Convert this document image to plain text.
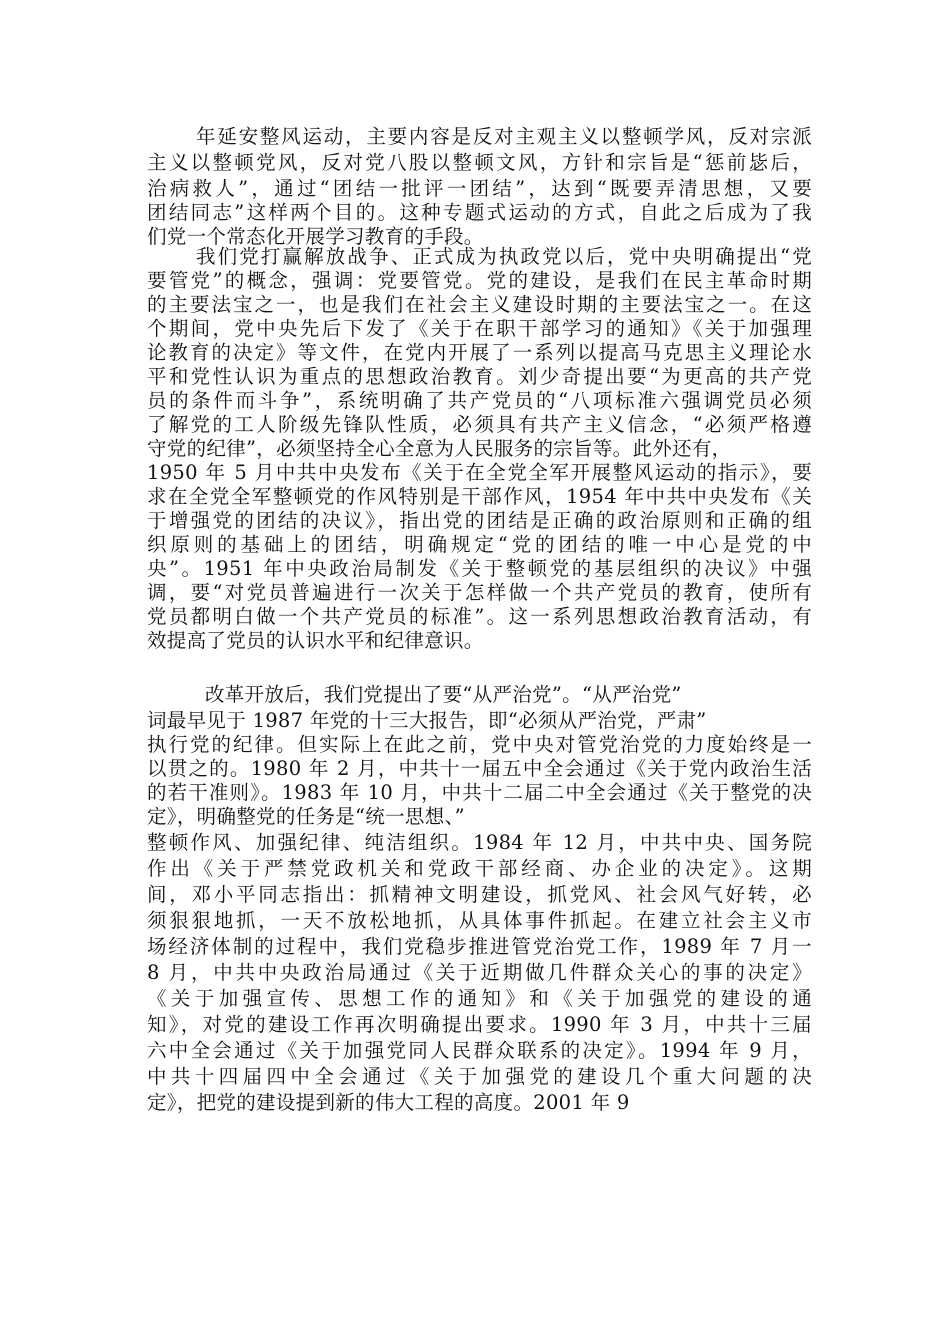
年延安整风运动，主要内容是反对主观主义以整顿学风，反对宗派
主义以整顿党风，反对党八股以整顿文风，方针和宗旨是“惩前毖后，
治病救人”，通过“团结一批评一团结”，达到“既要弄清思想，又要
团结同志”这样两个目的。这种专题式运动的方式，自此之后成为了我
们党一个常态化开展学习教育的手段。
我们党打赢解放战争、正式成为执政党以后，党中央明确提出“党
要管党”的概念，强调：党要管党。党的建设，是我们在民主革命时期
的主要法宝之一，也是我们在社会主义建设时期的主要法宝之一。在这
个期间，党中央先后下发了《关于在职干部学习的通知》《关于加强理
论教育的决定》等文件，在党内开展了一系列以提高马克思主义理论水
平和党性认识为重点的思想政治教育。刘少奇提出要“为更高的共产党
员的条件而斗争”，系统明确了共产党员的“八项标准六强调党员必须
了解党的工人阶级先锋队性质，必须具有共产主义信念，“必须严格遵
守党的纪律”，必须坚持全心全意为人民服务的宗旨等。此外还有，
1950 年 5 月中共中央发布《关于在全党全军开展整风运动的指示》，要
求在全党全军整顿党的作风特别是干部作风，1954 年中共中央发布《关
于增强党的团结的决议》，指出党的团结是正确的政治原则和正确的组
织原则的基础上的团结，明确规定“党的团结的唯一中心是党的中
央”。1951 年中央政治局制发《关于整顿党的基层组织的决议》中强
调，要“对党员普遍进行一次关于怎样做一个共产党员的教育，使所有
党员都明白做一个共产党员的标准”。这一系列思想政治教育活动，有
效提高了党员的认识水平和纪律意识。
改革开放后，我们党提出了要“从严治党”。“从严治党”
词最早见于 1987 年党的十三大报告，即“必须从严治党，严肃”
执行党的纪律。但实际上在此之前，党中央对管党治党的力度始终是一
以贯之的。1980 年 2 月，中共十一届五中全会通过《关于党内政治生活
的若干准则》。1983 年 10 月，中共十二届二中全会通过《关于整党的决
定》，明确整党的任务是“统一思想、”
整顿作风、加强纪律、纯洁组织。1984 年 12 月，中共中央、国务院
作出《关于严禁党政机关和党政干部经商、办企业的决定》。这期
间，邓小平同志指出：抓精神文明建设，抓党风、社会风气好转，必
须狠狠地抓，一天不放松地抓，从具体事件抓起。在建立社会主义市
场经济体制的过程中，我们党稳步推进管党治党工作，1989 年 7 月一
8 月，中共中央政治局通过《关于近期做几件群众关心的事的决定》
《关于加强宣传、思想工作的通知》和《关于加强党的建设的通
知》，对党的建设工作再次明确提出要求。1990 年 3 月，中共十三届
六中全会通过《关于加强党同人民群众联系的决定》。1994 年 9 月，
中共十四届四中全会通过《关于加强党的建设几个重大问题的决
定》，把党的建设提到新的伟大工程的高度。2001 年 9
